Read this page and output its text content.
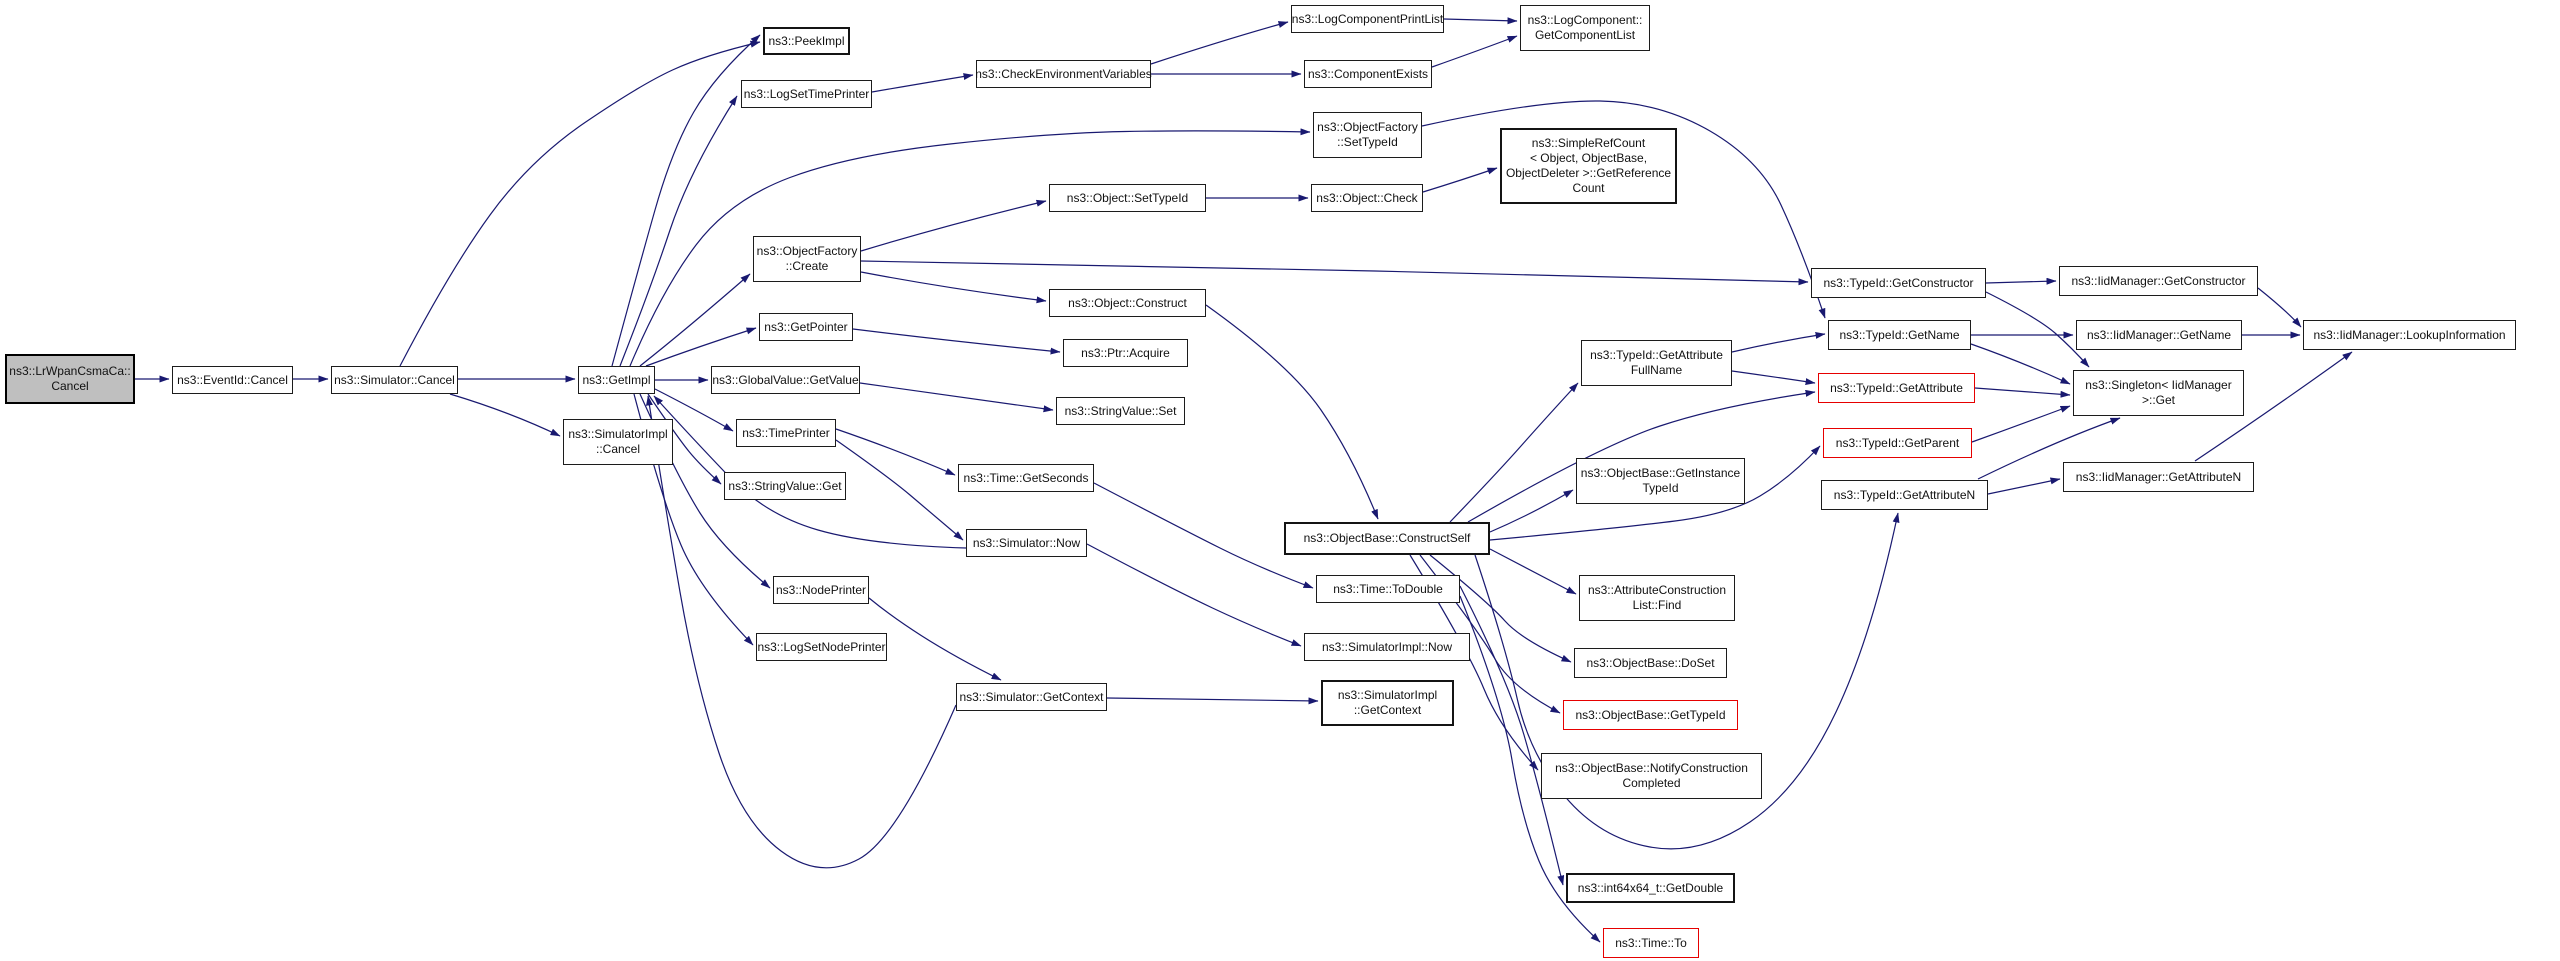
ns3::LrWpanCsmaCa::
Cancel	ns3::EventId::Cancel	ns3::Simulator::Cancel	ns3::GetImpl
ns3::SimulatorImpl
::Cancel
ns3::PeekImpl
ns3::LogSetTimePrinter
ns3::CheckEnvironmentVariables
ns3::LogComponentPrintList
ns3::ComponentExists
ns3::LogComponent::
GetComponentList
ns3::ObjectFactory
::SetTypeId	ns3::SimpleRefCount
< Object, ObjectBase,
ObjectDeleter >::GetReference
Count
ns3::Object::SetTypeId	ns3::Object::Check
ns3::ObjectFactory
::Create
ns3::Object::Construct
ns3::GetPointer
ns3::Ptr::Acquire
ns3::GlobalValue::GetValue
ns3::StringValue::Set
ns3::TimePrinter
ns3::StringValue::Get
ns3::Time::GetSeconds
ns3::Simulator::Now
ns3::NodePrinter
ns3::LogSetNodePrinter
ns3::Simulator::GetContext
ns3::ObjectBase::ConstructSelf
ns3::Time::ToDouble
ns3::SimulatorImpl::Now
ns3::SimulatorImpl
::GetContext
ns3::TypeId::GetAttribute
FullName
ns3::TypeId::GetConstructor
ns3::TypeId::GetName
ns3::TypeId::GetAttribute
ns3::TypeId::GetParent
ns3::ObjectBase::GetInstance
TypeId	ns3::TypeId::GetAttributeN
ns3::AttributeConstruction
List::Find
ns3::ObjectBase::DoSet
ns3::ObjectBase::GetTypeId
ns3::ObjectBase::NotifyConstruction
Completed
ns3::int64x64_t::GetDouble
ns3::Time::To
ns3::IidManager::GetConstructor
ns3::IidManager::GetName	ns3::IidManager::LookupInformation
ns3::Singleton< IidManager
>::Get
ns3::IidManager::GetAttributeN
